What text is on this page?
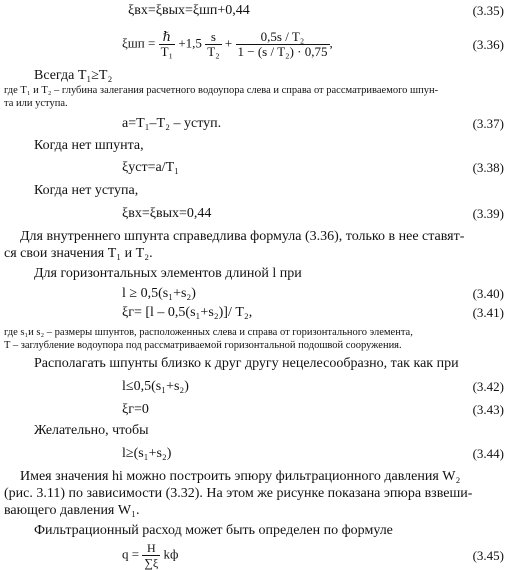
ξвх=ξвых=ξшп+0,44	(3.35)
ξшп = ℏ
T₁
$+1,5 \frac{s}{\text{T₂}} + \frac{\text{0,5s / T₂}}{\text{1 − (s / T₂) · 0,75}}$ ,	(3.36)
Всегда T₁≥T₂
где T₁ и T₂ – глубина залегания расчетного водоупора слева и справа от рассматриваемого шпун-
та или уступа.
a=T₁–T₂ – уступ.	(3.37)
Когда нет шпунта,
ξуст=a/T₁	(3.38)
Когда нет уступа,
ξвх=ξвых=0,44	(3.39)
Для внутреннего шпунта справедлива формула (3.36), только в нее ставят-
ся свои значения T₁ и T₂.
Для горизонтальных элементов длиной l при
l ≥ 0,5(s₁+s₂)	(3.40)
ξг= [l – 0,5(s₁+s₂)]/ T₂,	(3.41)
где s₁и s₂ – размеры шпунтов, расположенных слева и справа от горизонтального элемента,
T – заглубление водоупора под рассматриваемой горизонтальной подошвой сооружения.
Располагать шпунты близко к друг другу нецелесообразно, так как при
l≤0,5(s₁+s₂)	(3.42)
ξг=0	(3.43)
Желательно, чтобы
l≥(s₁+s₂)	(3.44)
Имея значения hi можно построить эпюру фильтрационного давления W₂
(рис. 3.11) по зависимости (3.32). На этом же рисунке показана эпюра взвеши-
вающего давления W₁.
Фильтрационный расход может быть определен по формуле
$q = \frac{H}{\sum\xi}$ kф	(3.45)
